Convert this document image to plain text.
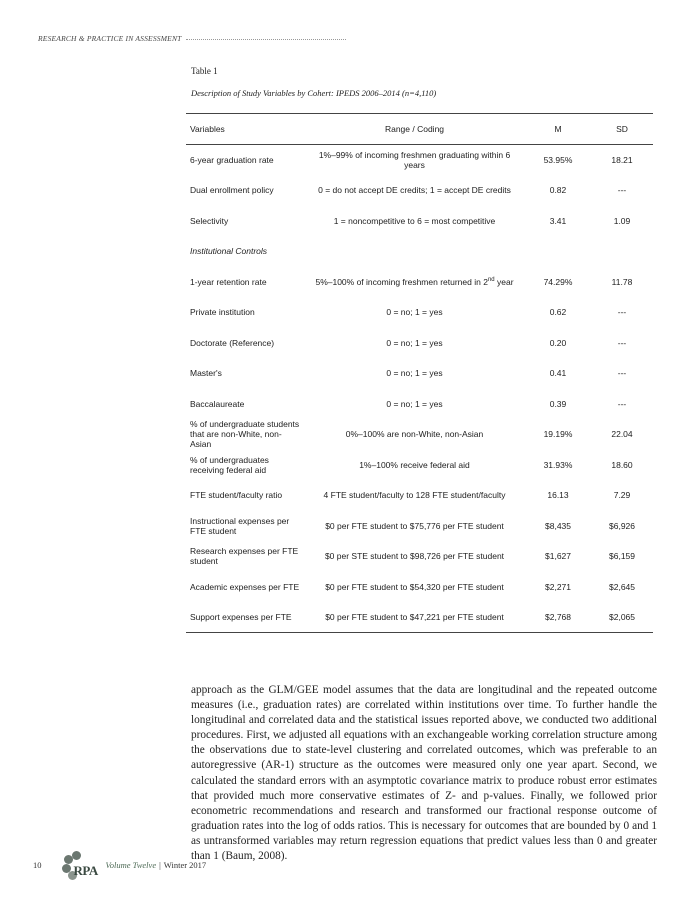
RESEARCH & PRACTICE IN ASSESSMENT
Table 1
Description of Study Variables by Cohert: IPEDS 2006–2014 (n=4,110)
Variables	Range / Coding	M	SD
6-year graduation rate	1%–99% of incoming freshmen graduating within 6 years	53.95%	18.21
Dual enrollment policy	0 = do not accept DE credits; 1 = accept DE credits	0.82	---
Selectivity	1 = noncompetitive to 6 = most competitive	3.41	1.09
Institutional Controls			
1-year retention rate	5%–100% of incoming freshmen returned in 2nd year	74.29%	11.78
Private institution	0 = no; 1 = yes	0.62	---
Doctorate (Reference)	0 = no; 1 = yes	0.20	---
Master's	0 = no; 1 = yes	0.41	---
Baccalaureate	0 = no; 1 = yes	0.39	---
% of undergraduate students that are non-White, non-Asian	0%–100% are non-White, non-Asian	19.19%	22.04
% of undergraduates receiving federal aid	1%–100% receive federal aid	31.93%	18.60
FTE student/faculty ratio	4 FTE student/faculty to 128 FTE student/faculty	16.13	7.29
Instructional expenses per FTE student	$0 per FTE student to $75,776 per FTE student	$8,435	$6,926
Research expenses per FTE student	$0 per STE student to $98,726 per FTE student	$1,627	$6,159
Academic expenses per FTE	$0 per FTE student to $54,320 per FTE student	$2,271	$2,645
Support expenses per FTE	$0 per FTE student to $47,221 per FTE student	$2,768	$2,065
approach as the GLM/GEE model assumes that the data are longitudinal and the repeated outcome measures (i.e., graduation rates) are correlated within institutions over time. To further handle the longitudinal and correlated data and the statistical issues reported above, we conducted two additional procedures. First, we adjusted all equations with an exchangeable working correlation structure among the observations due to state-level clustering and correlated outcomes, which was preferable to an autoregressive (AR-1) structure as the outcomes were measured only one year apart. Second, we calculated the standard errors with an asymptotic covariance matrix to produce robust error estimates that provided much more conservative estimates of Z- and p-values. Finally, we followed prior econometric recommendations and research and transformed our fractional response outcome of graduation rates into the log of odds ratios. This is necessary for outcomes that are bounded by 0 and 1 as untransformed variables may return regression equations that predict values less than 0 and greater than 1 (Baum, 2008).
10 RPA Volume Twelve | Winter 2017
